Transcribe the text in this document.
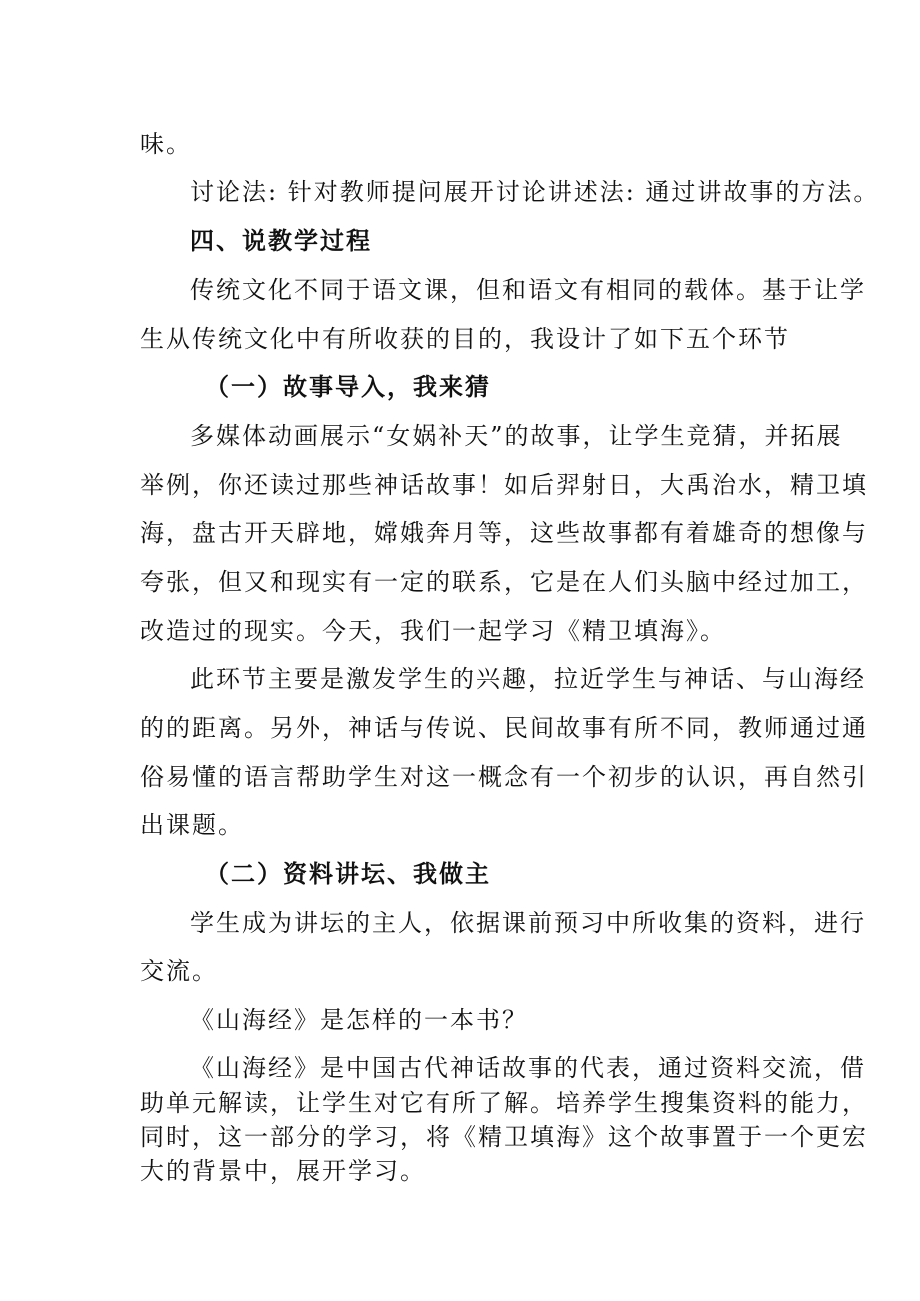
味。
讨论法: 针对教师提问展开讨论讲述法: 通过讲故事的方法。
四、说教学过程
传统文化不同于语文课，但和语文有相同的载体。基于让学
生从传统文化中有所收获的目的，我设计了如下五个环节
（一）故事导入，我来猜
多媒体动画展示“女娲补天”的故事，让学生竞猜，并拓展
举例，你还读过那些神话故事！如后羿射日，大禹治水，精卫填
海，盘古开天辟地，嫦娥奔月等，这些故事都有着雄奇的想像与
夸张，但又和现实有一定的联系，它是在人们头脑中经过加工，
改造过的现实。今天，我们一起学习《精卫填海》。
此环节主要是激发学生的兴趣，拉近学生与神话、与山海经
的的距离。另外，神话与传说、民间故事有所不同，教师通过通
俗易懂的语言帮助学生对这一概念有一个初步的认识，再自然引
出课题。
（二）资料讲坛、我做主
学生成为讲坛的主人，依据课前预习中所收集的资料，进行
交流。
《山海经》是怎样的一本书？
《山海经》是中国古代神话故事的代表，通过资料交流，借
助单元解读，让学生对它有所了解。培养学生搜集资料的能力，
同时，这一部分的学习，将《精卫填海》这个故事置于一个更宏
大的背景中，展开学习。
